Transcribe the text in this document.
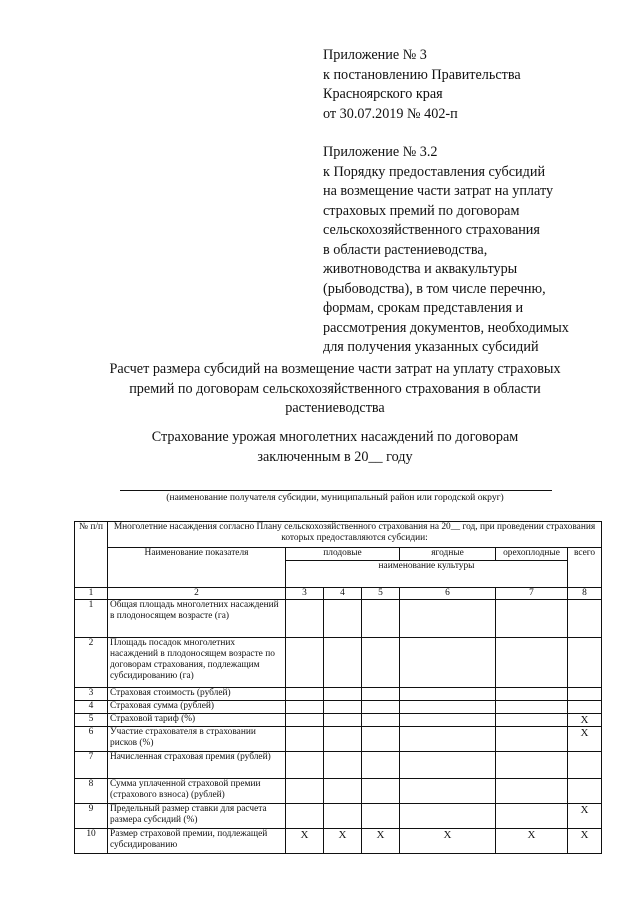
Приложение № 3
к постановлению Правительства
Красноярского края
от 30.07.2019 № 402-п
Приложение № 3.2
к Порядку предоставления субсидий
на возмещение части затрат на уплату
страховых премий по договорам
сельскохозяйственного страхования
в области растениеводства,
животноводства и аквакультуры
(рыбоводства), в том числе перечню,
формам, срокам представления и
рассмотрения документов, необходимых
для получения указанных субсидий
Расчет размера субсидий на возмещение части затрат на уплату страховых
премий по договорам сельскохозяйственного страхования в области
растениеводства
Страхование урожая многолетних насаждений по договорам
заключенным в 20__ году
(наименование получателя субсидии, муниципальный район или городской округ)
№ п/п	Многолетние насаждения согласно Плану сельскохозяйственного страхования на 20__ год, при проведении страхования которых предоставляются субсидии:						
	Наименование показателя	плодовые			ягодные	орехоплодные	всего
		наименование культуры					
1	2	3	4	5	6	7	8
1	Общая площадь многолетних насаждений в плодоносящем возрасте (га)						
2	Площадь посадок многолетних насаждений в плодоносящем возрасте по договорам страхования, подлежащим субсидированию (га)						
3	Страховая стоимость (рублей)						
4	Страховая сумма (рублей)						
5	Страховой тариф (%)						X
6	Участие страхователя в страховании рисков (%)						X
7	Начисленная страховая премия (рублей)						
8	Сумма уплаченной страховой премии (страхового взноса) (рублей)						
9	Предельный размер ставки для расчета размера субсидий (%)						X
10	Размер страховой премии, подлежащей субсидированию	X	X	X	X	X	X
